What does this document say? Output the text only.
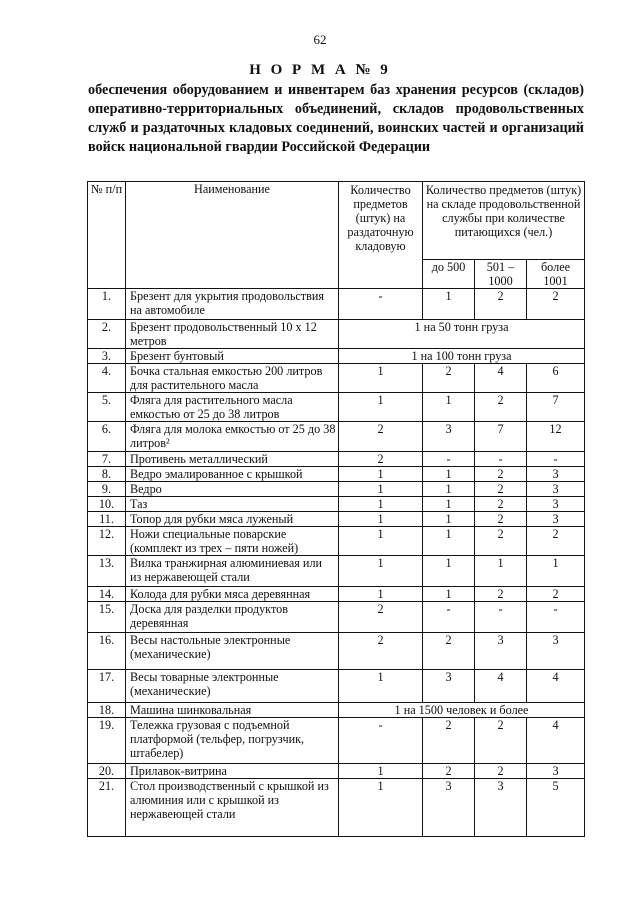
62
Н О Р М А № 9
обеспечения оборудованием и инвентарем баз хранения ресурсов (складов) оперативно-территориальных объединений, складов продовольственных служб и раздаточных кладовых соединений, воинских частей и организаций войск национальной гвардии Российской Федерации
№ п/п	Наименование	Количество предметов (штук) на раздаточную кладовую	Количество предметов (штук) на складе продовольственной службы при количестве питающихся (чел.)		
			до 500	501 – 1000	более 1001
1.	Брезент для укрытия продовольствия на автомобиле	-	1	2	2
2.	Брезент продовольственный 10 х 12 метров	1 на 50 тонн груза			
3.	Брезент бунтовый	1 на 100 тонн груза			
4.	Бочка стальная емкостью 200 литров для растительного масла	1	2	4	6
5.	Фляга для растительного масла емкостью от 25 до 38 литров	1	1	2	7
6.	Фляга для молока емкостью от 25 до 38 литров²	2	3	7	12
7.	Противень металлический	2	-	-	-
8.	Ведро эмалированное с крышкой	1	1	2	3
9.	Ведро	1	1	2	3
10.	Таз	1	1	2	3
11.	Топор для рубки мяса луженый	1	1	2	3
12.	Ножи специальные поварские (комплект из трех – пяти ножей)	1	1	2	2
13.	Вилка транжирная алюминиевая или из нержавеющей стали	1	1	1	1
14.	Колода для рубки мяса деревянная	1	1	2	2
15.	Доска для разделки продуктов деревянная	2	-	-	-
16.	Весы настольные электронные (механические)	2	2	3	3
17.	Весы товарные электронные (механические)	1	3	4	4
18.	Машина шинковальная	1 на 1500 человек и более			
19.	Тележка грузовая с подъемной платформой (тельфер, погрузчик, штабелер)	-	2	2	4
20.	Прилавок-витрина	1	2	2	3
21.	Стол производственный с крышкой из алюминия или с крышкой из нержавеющей стали	1	3	3	5
